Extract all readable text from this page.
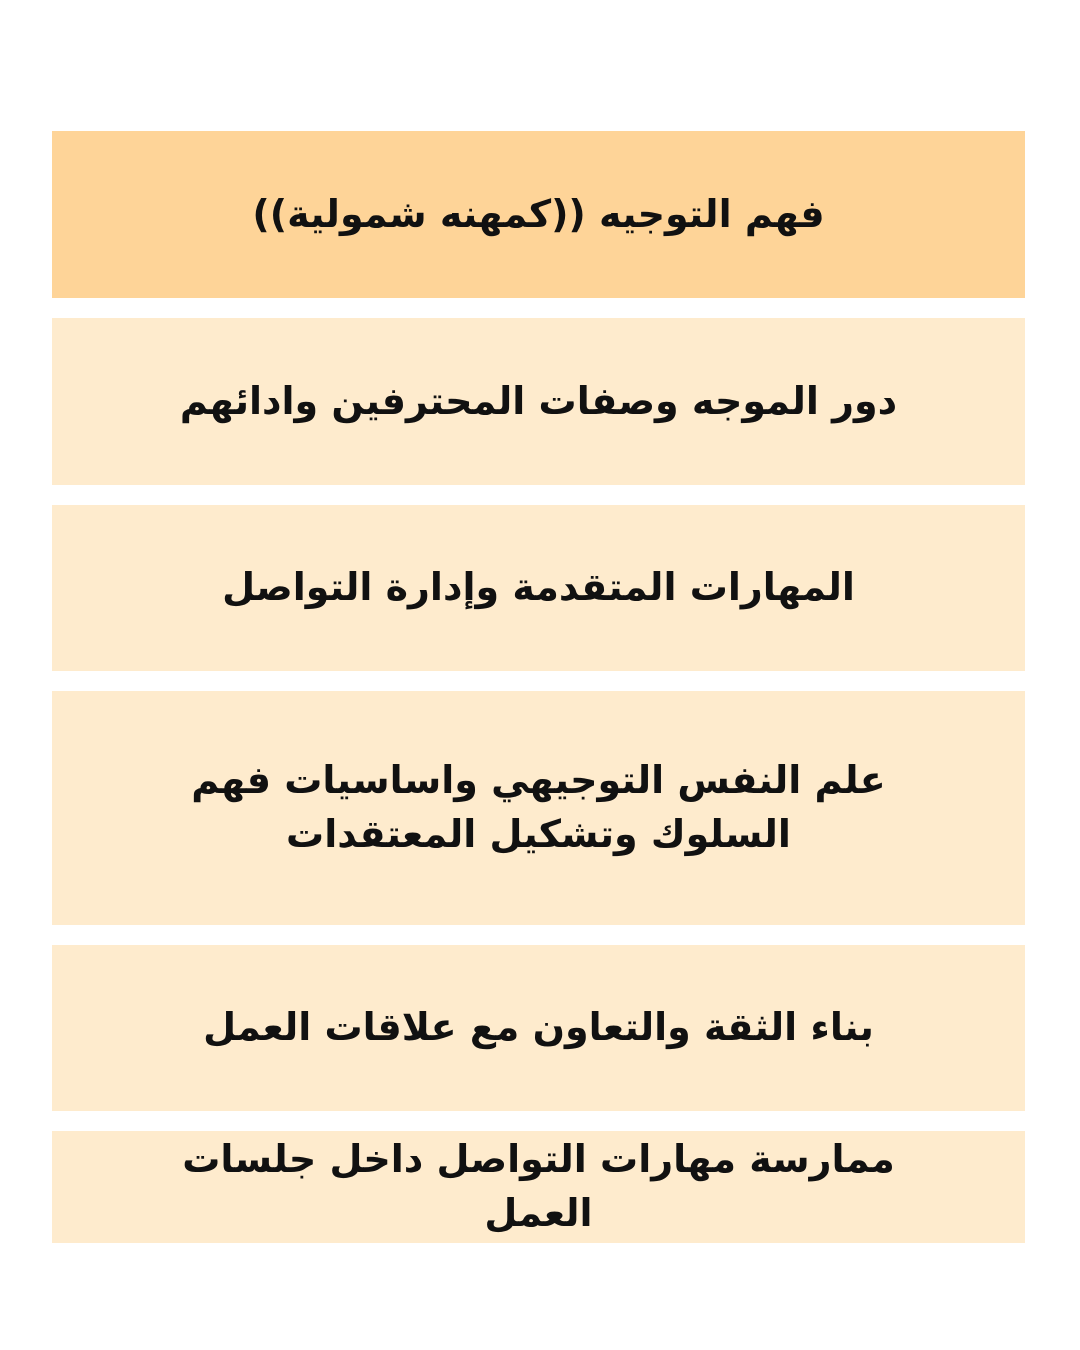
فهم التوجيه ((كمهنه شمولية))
دور الموجه وصفات المحترفين وادائهم
المهارات المتقدمة وإدارة التواصل
علم النفس التوجيهي واساسيات فهم السلوك وتشكيل المعتقدات
بناء الثقة والتعاون مع علاقات العمل
ممارسة مهارات التواصل داخل جلسات العمل
